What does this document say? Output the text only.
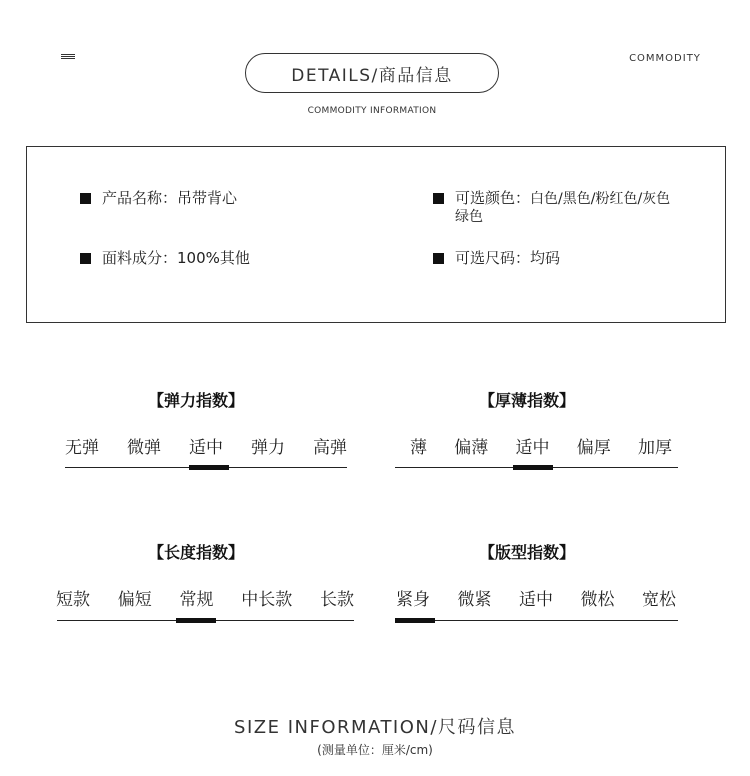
COMMODITY
DETAILS/商品信息
COMMODITY INFORMATION
产品名称：吊带背心	可选颜色：白色/黑色/粉红色/灰色
绿色
面料成分：100%其他	可选尺码：均码
【弹力指数】
无弹 微弹 适中 弹力 高弹
【厚薄指数】
薄 偏薄 适中 偏厚 加厚
【长度指数】
短款 偏短 常规 中长款 长款
【版型指数】
紧身 微紧 适中 微松 宽松
SIZE INFORMATION/尺码信息
(测量单位：厘米/cm)
